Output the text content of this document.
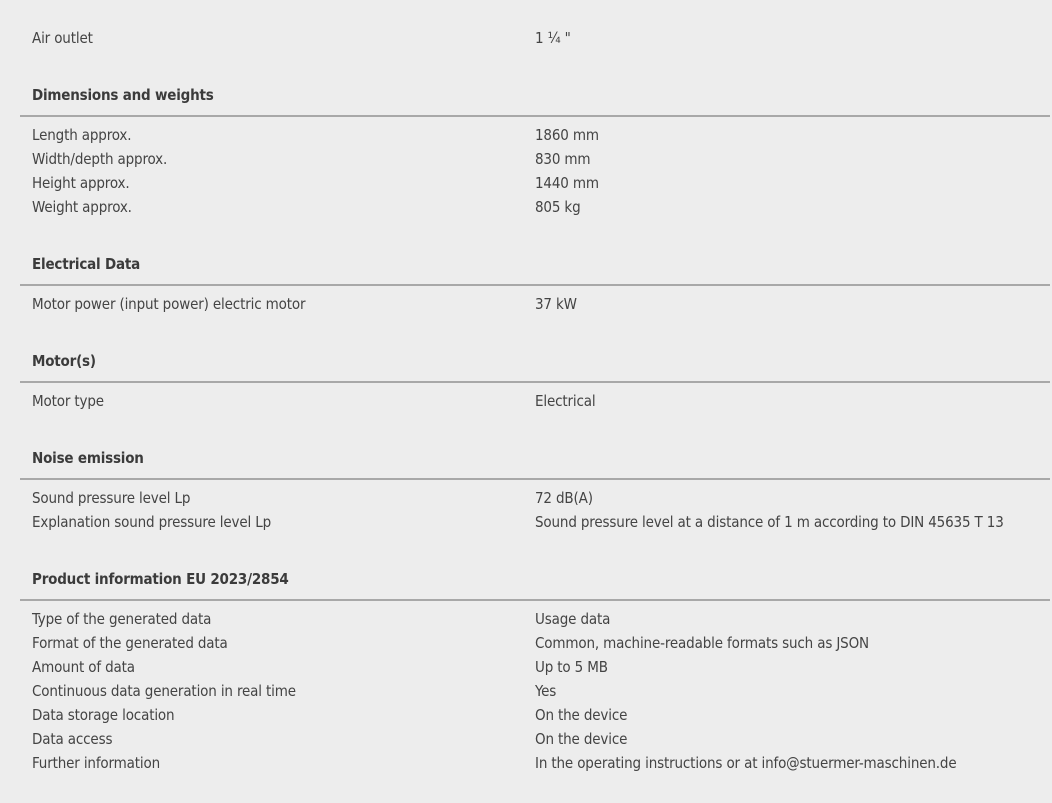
Air outlet	1 ¼ "
Dimensions and weights
Length approx.	1860 mm
Width/depth approx.	830 mm
Height approx.	1440 mm
Weight approx.	805 kg
Electrical Data
Motor power (input power) electric motor	37 kW
Motor(s)
Motor type	Electrical
Noise emission
Sound pressure level Lp	72 dB(A)
Explanation sound pressure level Lp	Sound pressure level at a distance of 1 m according to DIN 45635 T 13
Product information EU 2023/2854
Type of the generated data	Usage data
Format of the generated data	Common, machine-readable formats such as JSON
Amount of data	Up to 5 MB
Continuous data generation in real time	Yes
Data storage location	On the device
Data access	On the device
Further information	In the operating instructions or at info@stuermer-maschinen.de
